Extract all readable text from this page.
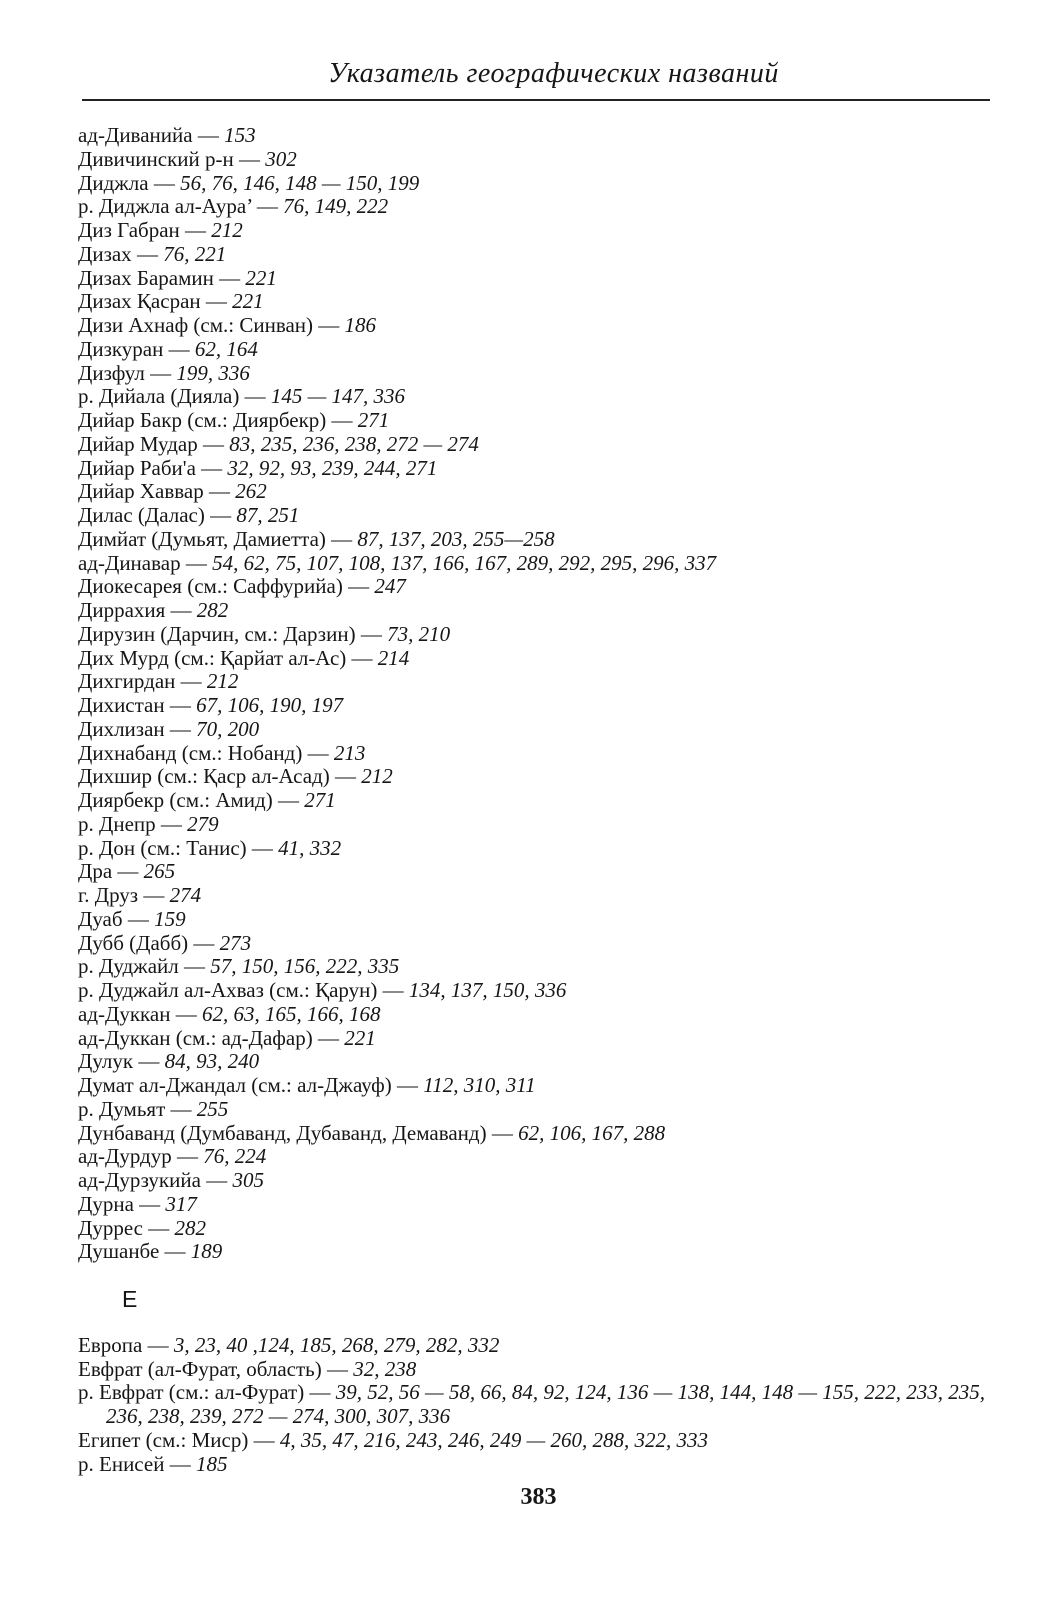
Указатель географических названий
ад-Диванийа — 153
Дивичинский р-н — 302
Диджла — 56, 76, 146, 148 — 150, 199
р. Диджла ал-Аура’ — 76, 149, 222
Диз Габран — 212
Дизах — 76, 221
Дизах Барамин — 221
Дизах Қасран — 221
Дизи Ахнаф (см.: Синван) — 186
Дизкуран — 62, 164
Дизфул — 199, 336
р. Дийала (Дияла) — 145 — 147, 336
Дийар Бакр (см.: Диярбекр) — 271
Дийар Мудар — 83, 235, 236, 238, 272 — 274
Дийар Раби'а — 32, 92, 93, 239, 244, 271
Дийар Хаввар — 262
Дилас (Далас) — 87, 251
Димйат (Думьят, Дамиетта) — 87, 137, 203, 255—258
ад-Динавар — 54, 62, 75, 107, 108, 137, 166, 167, 289, 292, 295, 296, 337
Диокесарея (см.: Саффурийа) — 247
Диррахия — 282
Дирузин (Дарчин, см.: Дарзин) — 73, 210
Дих Мурд (см.: Қарйат ал-Ас) — 214
Дихгирдан — 212
Дихистан — 67, 106, 190, 197
Дихлизан — 70, 200
Дихнабанд (см.: Нобанд) — 213
Дихшир (см.: Қаср ал-Асад) — 212
Диярбекр (см.: Амид) — 271
р. Днепр — 279
р. Дон (см.: Танис) — 41, 332
Дра — 265
г. Друз — 274
Дуаб — 159
Дубб (Дабб) — 273
р. Дуджайл — 57, 150, 156, 222, 335
р. Дуджайл ал-Ахваз (см.: Қарун) — 134, 137, 150, 336
ад-Дуккан — 62, 63, 165, 166, 168
ад-Дуккан (см.: ад-Дафар) — 221
Дулук — 84, 93, 240
Думат ал-Джандал (см.: ал-Джауф) — 112, 310, 311
р. Думьят — 255
Дунбаванд (Думбаванд, Дубаванд, Демаванд) — 62, 106, 167, 288
ад-Дурдур — 76, 224
ад-Дурзукийа — 305
Дурна — 317
Дуррес — 282
Душанбе — 189
Е
Европа — 3, 23, 40 ,124, 185, 268, 279, 282, 332
Евфрат (ал-Фурат, область) — 32, 238
р. Евфрат (см.: ал-Фурат) — 39, 52, 56 — 58, 66, 84, 92, 124, 136 — 138, 144, 148 — 155, 222, 233, 235, 236, 238, 239, 272 — 274, 300, 307, 336
Египет (см.: Миср) — 4, 35, 47, 216, 243, 246, 249 — 260, 288, 322, 333
р. Енисей — 185
383
